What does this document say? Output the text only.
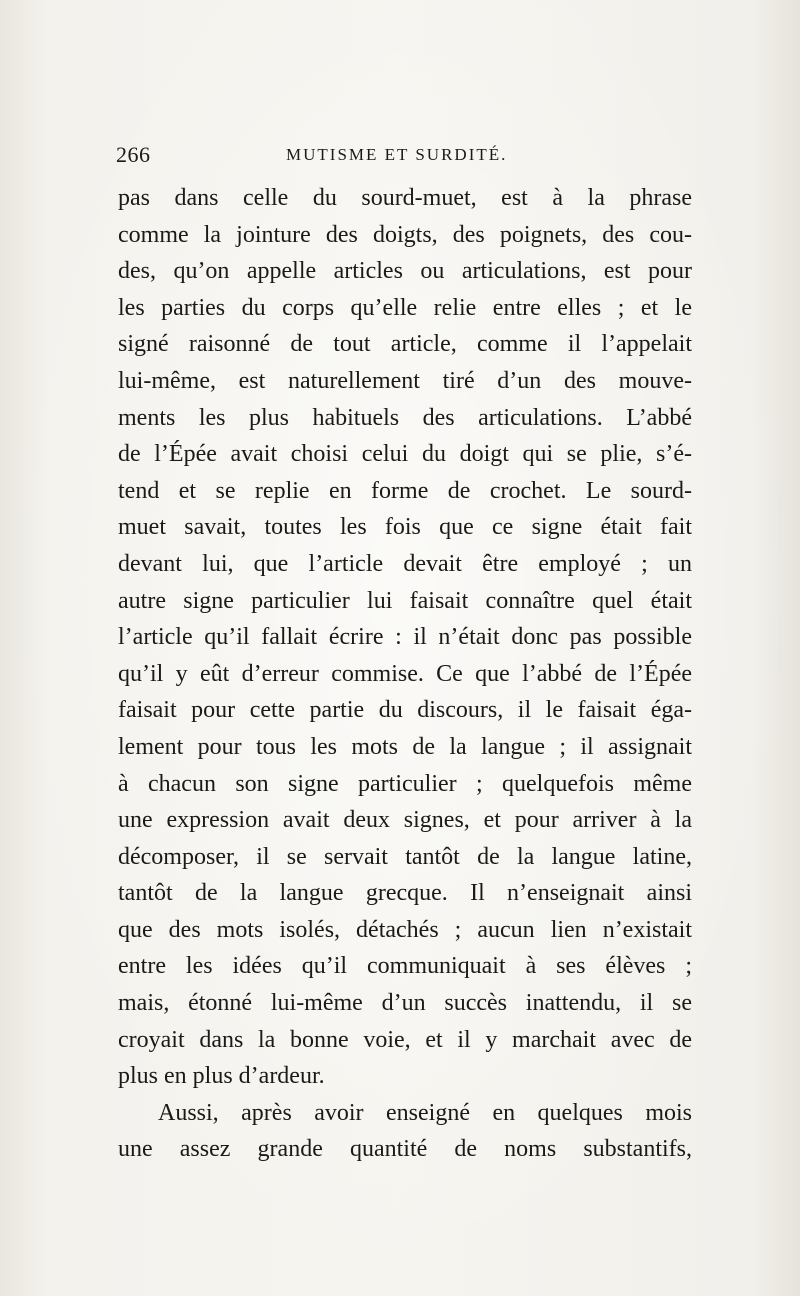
266	MUTISME ET SURDITÉ.
pas dans celle du sourd-muet, est à la phrase
comme la jointure des doigts, des poignets, des cou-
des, qu’on appelle articles ou articulations, est pour
les parties du corps qu’elle relie entre elles ; et le
signé raisonné de tout article, comme il l’appelait
lui-même, est naturellement tiré d’un des mouve-
ments les plus habituels des articulations. L’abbé
de l’Épée avait choisi celui du doigt qui se plie, s’é-
tend et se replie en forme de crochet. Le sourd-
muet savait, toutes les fois que ce signe était fait
devant lui, que l’article devait être employé ; un
autre signe particulier lui faisait connaître quel était
l’article qu’il fallait écrire : il n’était donc pas possible
qu’il y eût d’erreur commise. Ce que l’abbé de l’Épée
faisait pour cette partie du discours, il le faisait éga-
lement pour tous les mots de la langue ; il assignait
à chacun son signe particulier ; quelquefois même
une expression avait deux signes, et pour arriver à la
décomposer, il se servait tantôt de la langue latine,
tantôt de la langue grecque. Il n’enseignait ainsi
que des mots isolés, détachés ; aucun lien n’existait
entre les idées qu’il communiquait à ses élèves ;
mais, étonné lui-même d’un succès inattendu, il se
croyait dans la bonne voie, et il y marchait avec de
plus en plus d’ardeur.
Aussi, après avoir enseigné en quelques mois
une assez grande quantité de noms substantifs,
